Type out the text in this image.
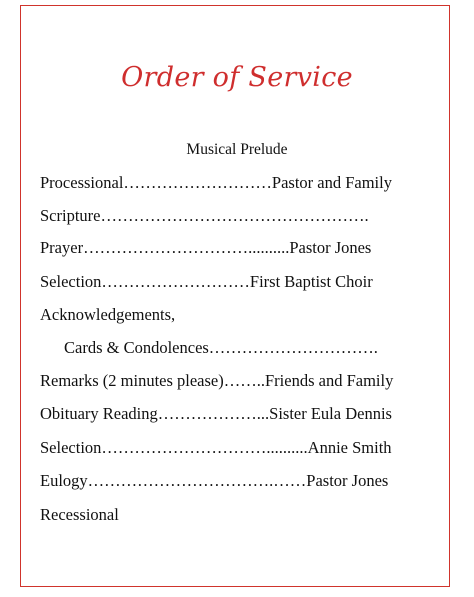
Order of Service
Musical Prelude
Processional………………………Pastor and Family
Scripture………………………………………….
Prayer…………………………..........Pastor Jones
Selection………………………First Baptist Choir
Acknowledgements,
Cards & Condolences………………………….
Remarks (2 minutes please)……..Friends and Family
Obituary Reading………………...Sister Eula Dennis
Selection…………………………..........Annie Smith
Eulogy…………………………….……Pastor Jones
Recessional
